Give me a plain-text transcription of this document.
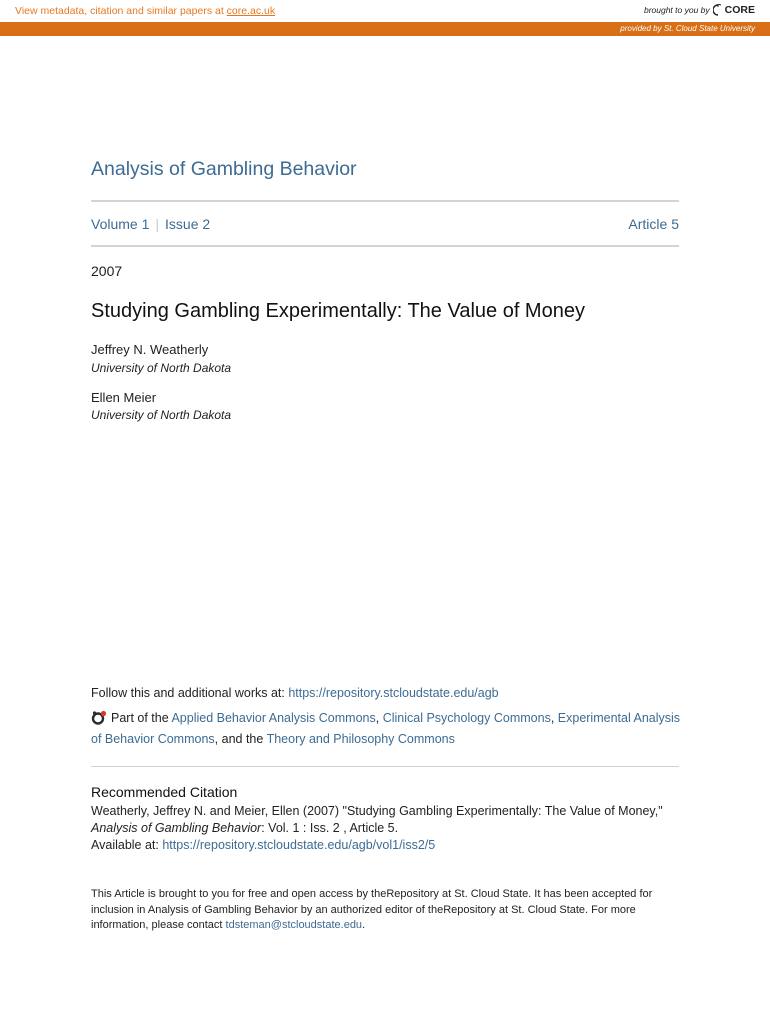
View metadata, citation and similar papers at core.ac.uk	brought to you by CORE
provided by St. Cloud State University
Analysis of Gambling Behavior
Volume 1 | Issue 2	Article 5
2007
Studying Gambling Experimentally: The Value of Money
Jeffrey N. Weatherly
University of North Dakota
Ellen Meier
University of North Dakota
Follow this and additional works at: https://repository.stcloudstate.edu/agb
Part of the Applied Behavior Analysis Commons, Clinical Psychology Commons, Experimental Analysis of Behavior Commons, and the Theory and Philosophy Commons
Recommended Citation
Weatherly, Jeffrey N. and Meier, Ellen (2007) "Studying Gambling Experimentally: The Value of Money,"
Analysis of Gambling Behavior: Vol. 1 : Iss. 2 , Article 5.
Available at: https://repository.stcloudstate.edu/agb/vol1/iss2/5
This Article is brought to you for free and open access by theRepository at St. Cloud State. It has been accepted for inclusion in Analysis of Gambling Behavior by an authorized editor of theRepository at St. Cloud State. For more information, please contact tdsteman@stcloudstate.edu.
